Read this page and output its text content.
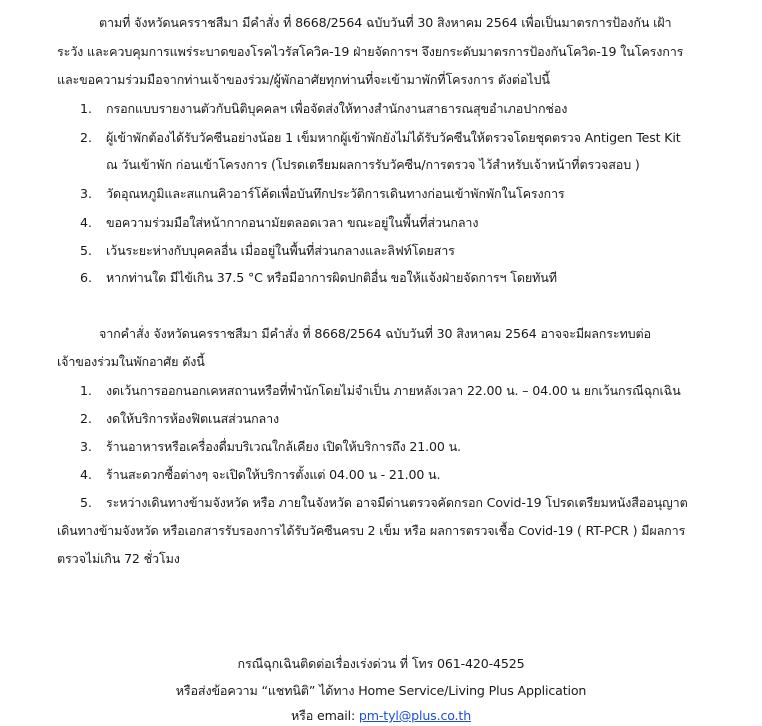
ตามที่ จังหวัดนครราชสีมา มีคำสั่ง ที่ 8668/2564 ฉบับวันที่ 30 สิงหาคม 2564 เพื่อเป็นมาตรการป้องกัน เฝ้า
ระวัง และควบคุมการแพร่ระบาดของโรคไวรัสโควิค-19 ฝ่ายจัดการฯ จึงยกระดับมาตรการป้องกันโควิด-19 ในโครงการ
และขอความร่วมมือจากท่านเจ้าของร่วม/ผู้พักอาศัยทุกท่านที่จะเข้ามาพักที่โครงการ ดังต่อไปนี้
1. กรอกแบบรายงานตัวกับนิติบุคคลฯ เพื่อจัดส่งให้ทางสำนักงานสาธารณสุขอำเภอปากช่อง
2. ผู้เข้าพักต้องได้รับวัคซีนอย่างน้อย 1 เข็มหากผู้เข้าพักยังไม่ได้รับวัคซีนให้ตรวจโดยชุดตรวจ Antigen Test Kit
ณ วันเข้าพัก ก่อนเข้าโครงการ (โปรดเตรียมผลการรับวัคซีน/การตรวจ ไว้สำหรับเจ้าหน้าที่ตรวจสอบ )
3. วัดอุณหภูมิและสแกนคิวอาร์โค้ดเพื่อบันทึกประวัติการเดินทางก่อนเข้าพักพักในโครงการ
4. ขอความร่วมมือใส่หน้ากากอนามัยตลอดเวลา ขณะอยู่ในพื้นที่ส่วนกลาง
5. เว้นระยะห่างกับบุคคลอื่น เมื่ออยู่ในพื้นที่ส่วนกลางและลิฟท์โดยสาร
6. หากท่านใด มีไข้เกิน 37.5 °C หรือมีอาการผิดปกติอื่น ขอให้แจ้งฝ่ายจัดการฯ โดยทันที
จากคำสั่ง จังหวัดนครราชสีมา มีคำสั่ง ที่ 8668/2564 ฉบับวันที่ 30 สิงหาคม 2564 อาจจะมีผลกระทบต่อ
เจ้าของร่วมในพักอาศัย ดังนี้
1. งดเว้นการออกนอกเคหสถานหรือที่พำนักโดยไม่จำเป็น ภายหลังเวลา 22.00 น. – 04.00 น ยกเว้นกรณีฉุกเฉิน
2. งดให้บริการห้องฟิตเนสส่วนกลาง
3. ร้านอาหารหรือเครื่องดื่มบริเวณใกล้เคียง เปิดให้บริการถึง 21.00 น.
4. ร้านสะดวกซื้อต่างๆ จะเปิดให้บริการตั้งแต่ 04.00 น - 21.00 น.
5. ระหว่างเดินทางข้ามจังหวัด หรือ ภายในจังหวัด อาจมีด่านตรวจคัดกรอก Covid-19 โปรดเตรียมหนังสืออนุญาต
เดินทางข้ามจังหวัด หรือเอกสารรับรองการได้รับวัคซีนครบ 2 เข็ม หรือ ผลการตรวจเชื้อ Covid-19 ( RT-PCR ) มีผลการ
ตรวจไม่เกิน 72 ชั่วโมง
กรณีฉุกเฉินติดต่อเรื่องเร่งด่วน ที่ โทร 061-420-4525
หรือส่งข้อความ “แชทนิติ” ได้ทาง Home Service/Living Plus Application
หรือ email: pm-tyl@plus.co.th
